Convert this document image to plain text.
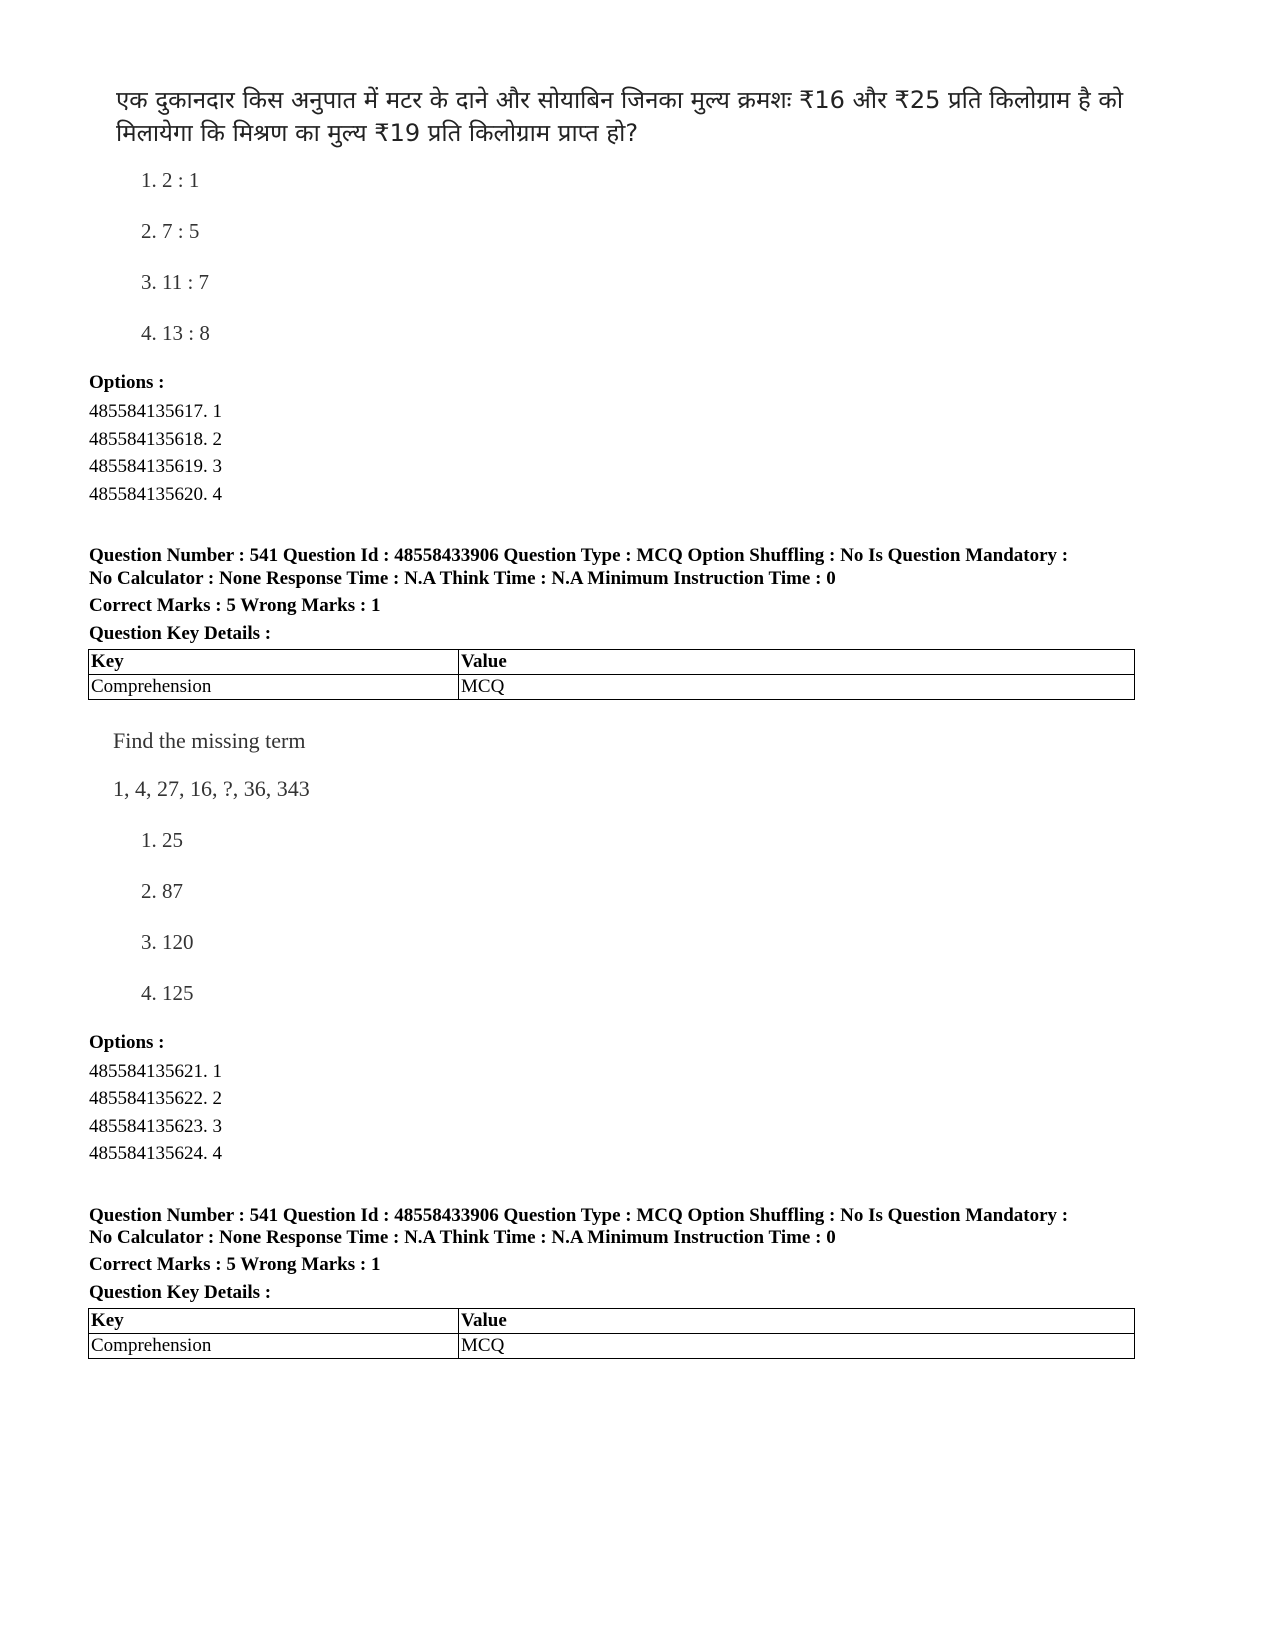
एक दुकानदार किस अनुपात में मटर के दाने और सोयाबिन जिनका मुल्य क्रमशः ₹16 और ₹25 प्रति किलोग्राम है को मिलायेगा कि मिश्रण का मुल्य ₹19 प्रति किलोग्राम प्राप्त हो?
1. 2 : 1
2. 7 : 5
3. 11 : 7
4. 13 : 8
Options :
485584135617. 1
485584135618. 2
485584135619. 3
485584135620. 4
Question Number : 541 Question Id : 48558433906 Question Type : MCQ Option Shuffling : No Is Question Mandatory :
No Calculator : None Response Time : N.A Think Time : N.A Minimum Instruction Time : 0
Correct Marks : 5 Wrong Marks : 1
Question Key Details :
Key	Value
Comprehension	MCQ
Find the missing term
1, 4, 27, 16, ?, 36, 343
1. 25
2. 87
3. 120
4. 125
Options :
485584135621. 1
485584135622. 2
485584135623. 3
485584135624. 4
Question Number : 541 Question Id : 48558433906 Question Type : MCQ Option Shuffling : No Is Question Mandatory :
No Calculator : None Response Time : N.A Think Time : N.A Minimum Instruction Time : 0
Correct Marks : 5 Wrong Marks : 1
Question Key Details :
Key	Value
Comprehension	MCQ
